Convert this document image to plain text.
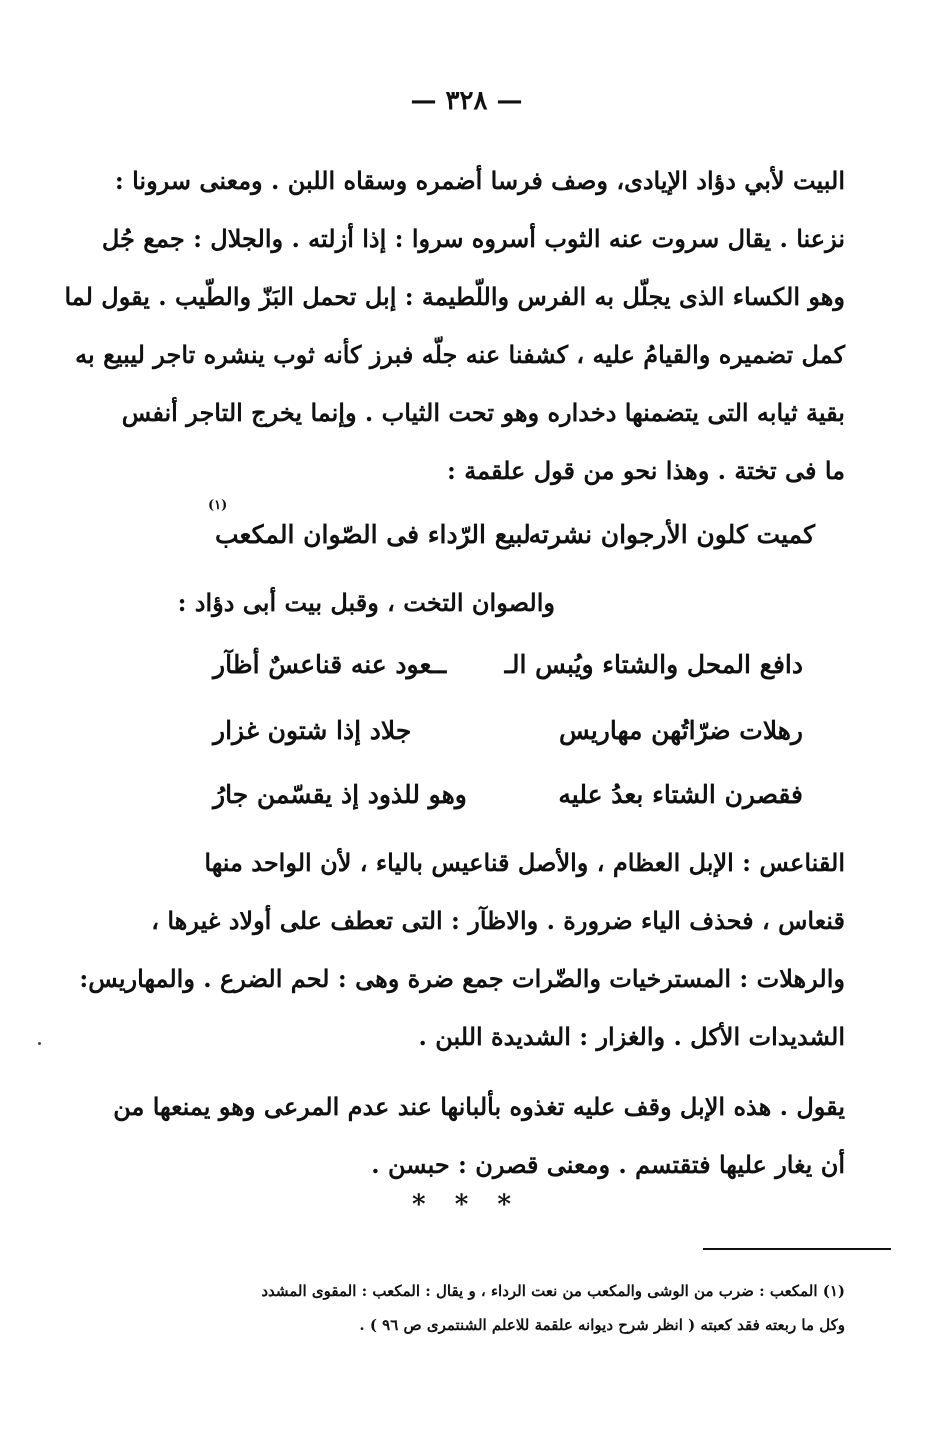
— ٣٢٨ —

البيت لأبي دؤاد الإيادى، وصف فرسا أضمره وسقاه اللبن . ومعنى سرونا :

نزعنا . يقال سروت عنه الثوب أسروه سروا : إذا أزلته . والجلال : جمع جُل

وهو الكساء الذى يجلّل به الفرس واللّطيمة : إبل تحمل البَزّ والطّيب . يقول لما

كمل تضميره والقيامُ عليه ، كشفنا عنه جلّه فبرز كأنه ثوب ينشره تاجر ليبيع به

بقية ثيابه التى يتضمنها دخداره وهو تحت الثياب . وإنما يخرج التاجر أنفس

ما فى تختة . وهذا نحو من قول علقمة :

كميت كلون الأرجوان نشرته
لبيع الرّداء فى الصّوان المكعب
(١)

والصوان التخت ، وقبل بيت أبى دؤاد :

دافع المحل والشتاء ويُبس الـ
ــعود عنه قناعسٌ أظآر
رهلات ضرّاتُهن مهاريس
جلاد إذا شتون غزار
فقصرن الشتاء بعدُ عليه
وهو للذود إذ يقسّمن جارُ

القناعس : الإبل العظام ، والأصل قناعيس بالياء ، لأن الواحد منها

قنعاس ، فحذف الياء ضرورة . والاظآر : التى تعطف على أولاد غيرها ،

والرهلات : المسترخيات والضّرات جمع ضرة وهى : لحم الضرع . والمهاريس:

الشديدات الأكل . والغزار : الشديدة اللبن .

يقول . هذه الإبل وقف عليه تغذوه بألبانها عند عدم المرعى وهو يمنعها من

أن يغار عليها فتقتسم . ومعنى قصرن : حبسن .

* * *
(١) المكعب : ضرب من الوشى والمكعب من نعت الرداء ، و يقال : المكعب : المقوى المشدد
وكل ما ربعته فقد كعبته ( انظر شرح ديوانه علقمة للاعلم الشنتمرى ص ٩٦ ) .
